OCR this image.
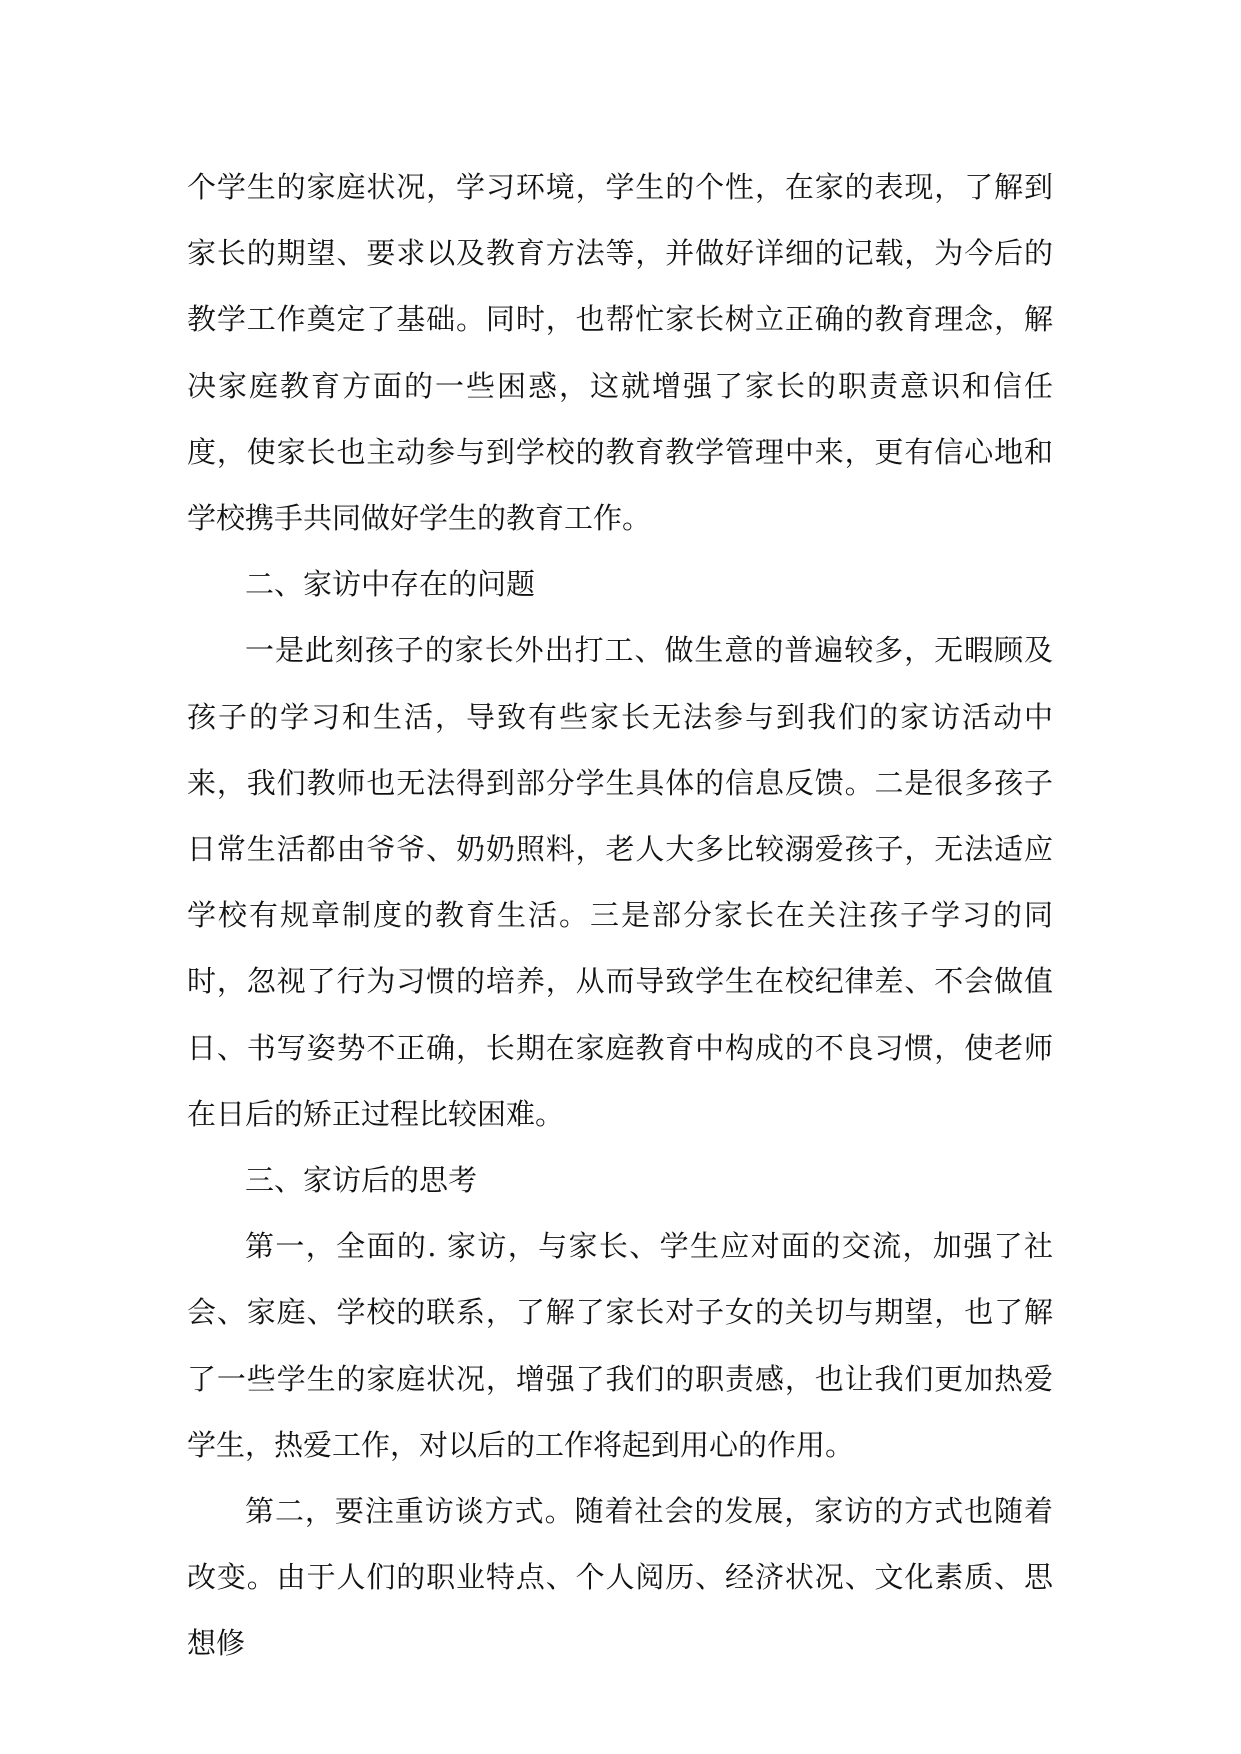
个学生的家庭状况，学习环境，学生的个性，在家的表现，了解到家长的期望、要求以及教育方法等，并做好详细的记载，为今后的教学工作奠定了基础。同时，也帮忙家长树立正确的教育理念，解决家庭教育方面的一些困惑，这就增强了家长的职责意识和信任度，使家长也主动参与到学校的教育教学管理中来，更有信心地和学校携手共同做好学生的教育工作。

二、家访中存在的问题

一是此刻孩子的家长外出打工、做生意的普遍较多，无暇顾及孩子的学习和生活，导致有些家长无法参与到我们的家访活动中来，我们教师也无法得到部分学生具体的信息反馈。二是很多孩子日常生活都由爷爷、奶奶照料，老人大多比较溺爱孩子，无法适应学校有规章制度的教育生活。三是部分家长在关注孩子学习的同时，忽视了行为习惯的培养，从而导致学生在校纪律差、不会做值日、书写姿势不正确，长期在家庭教育中构成的不良习惯，使老师在日后的矫正过程比较困难。

三、家访后的思考

第一，全面的. 家访，与家长、学生应对面的交流，加强了社会、家庭、学校的联系，了解了家长对子女的关切与期望，也了解了一些学生的家庭状况，增强了我们的职责感，也让我们更加热爱学生，热爱工作，对以后的工作将起到用心的作用。

第二，要注重访谈方式。随着社会的发展，家访的方式也随着改变。由于人们的职业特点、个人阅历、经济状况、文化素质、思想修
